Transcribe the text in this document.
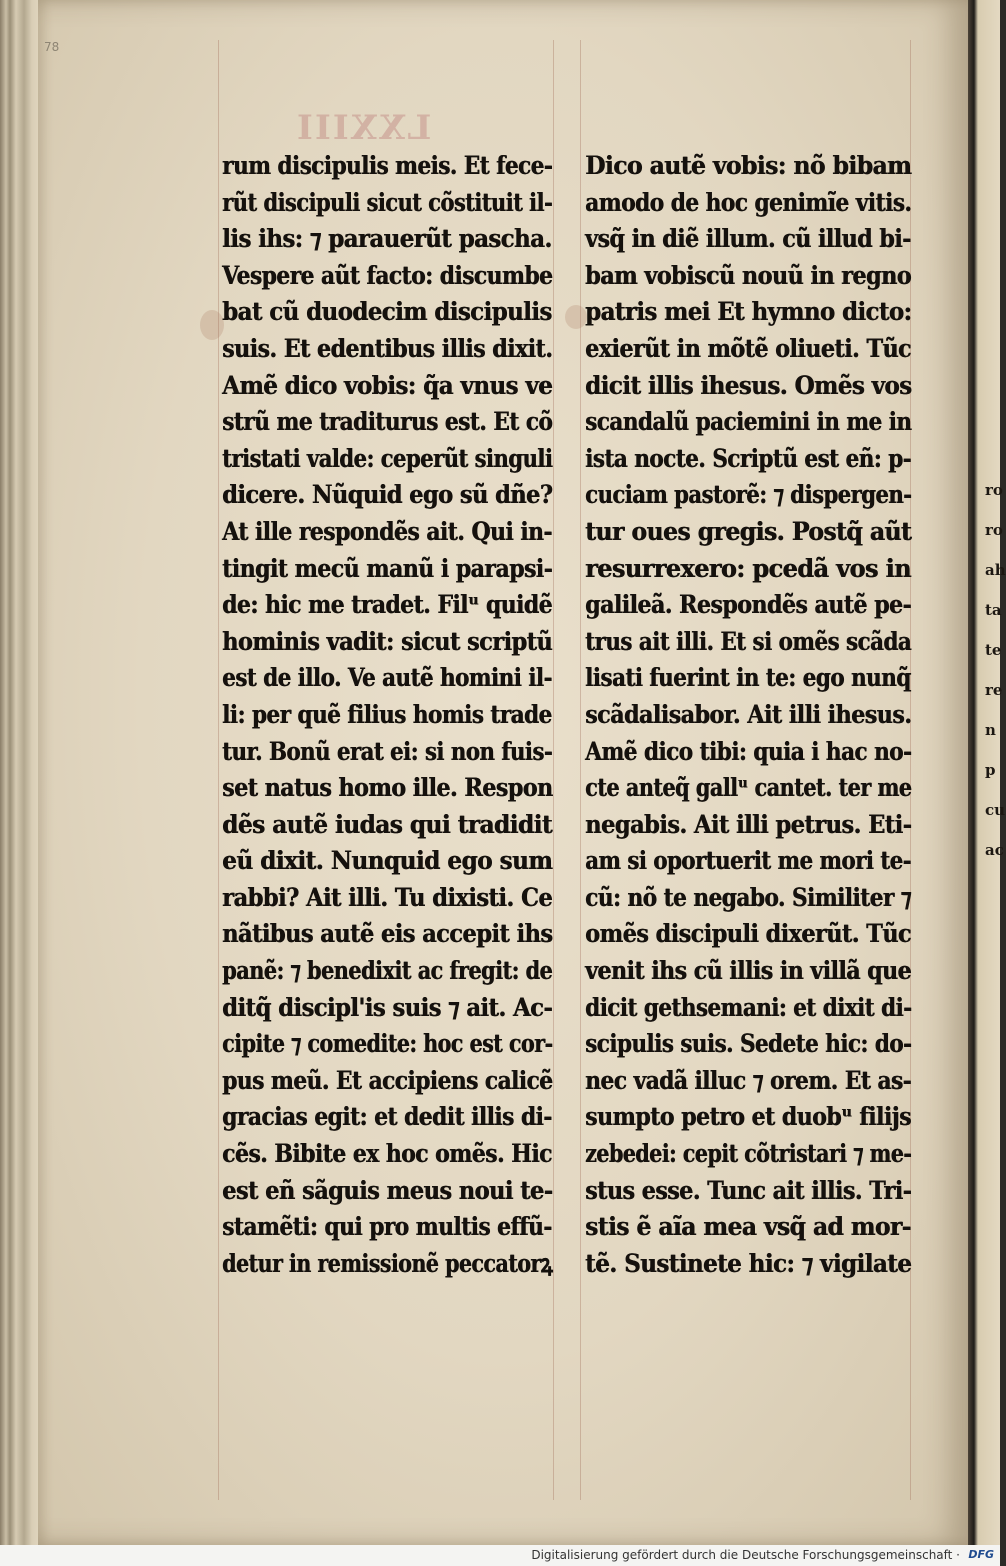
ro
ro
ah
ta
te
re
n
p
cu
ac
78
LXXIII
rum discipulis meis. Et fece-
rũt discipuli sicut cõstituit il-
lis ihs: ⁊ parauerũt pascha.
Vespere aũt facto: discumbe
bat cũ duodecim discipulis
suis. Et edentibus illis dixit.
Amẽ dico vobis: q̃a vnus ve
strũ me traditurus est. Et cõ
tristati valde: ceperũt singuli
dicere. Nũquid ego sũ dñe?
At ille respondẽs ait. Qui in-
tingit mecũ manũ i parapsi-
de: hic me tradet. Filᵘ quidẽ
hominis vadit: sicut scriptũ
est de illo. Ve autẽ homini il-
li: per quẽ filius homis trade
tur. Bonũ erat ei: si non fuis-
set natus homo ille. Respon
dẽs autẽ iudas qui tradidit
eũ dixit. Nunquid ego sum
rabbi? Ait illi. Tu dixisti. Ce
nãtibus autẽ eis accepit ihs
panẽ: ⁊ benedixit ac fregit: de
ditq̃ discipl'is suis ⁊ ait. Ac-
cipite ⁊ comedite: hoc est cor-
pus meũ. Et accipiens calicẽ
gracias egit: et dedit illis di-
cẽs. Bibite ex hoc omẽs. Hic
est eñ sãguis meus noui te-
stamẽti: qui pro multis effũ-
detur in remissionẽ peccatorꝝ
Dico autẽ vobis: nõ bibam
amodo de hoc genimĩe vitis.
vsq̃ in diẽ illum. cũ illud bi-
bam vobiscũ nouũ in regno
patris mei Et hymno dicto:
exierũt in mõtẽ oliueti. Tũc
dicit illis ihesus. Omẽs vos
scandalũ paciemini in me in
ista nocte. Scriptũ est eñ: p-
cuciam pastorẽ: ⁊ dispergen-
tur oues gregis. Postq̃ aũt
resurrexero: pcedã vos in
galileã. Respondẽs autẽ pe-
trus ait illi. Et si omẽs scãda
lisati fuerint in te: ego nunq̃
scãdalisabor. Ait illi ihesus.
Amẽ dico tibi: quia i hac no-
cte anteq̃ gallᵘ cantet. ter me
negabis. Ait illi petrus. Eti-
am si oportuerit me mori te-
cũ: nõ te negabo. Similiter ⁊
omẽs discipuli dixerũt. Tũc
venit ihs cũ illis in villã que
dicit gethsemani: et dixit di-
scipulis suis. Sedete hic: do-
nec vadã illuc ⁊ orem. Et as-
sumpto petro et duobᵘ filijs
zebedei: cepit cõtristari ⁊ me-
stus esse. Tunc ait illis. Tri-
stis ẽ aĩa mea vsq̃ ad mor-
tẽ. Sustinete hic: ⁊ vigilate
Digitalisierung gefördert durch die Deutsche Forschungsgemeinschaft · DFG
